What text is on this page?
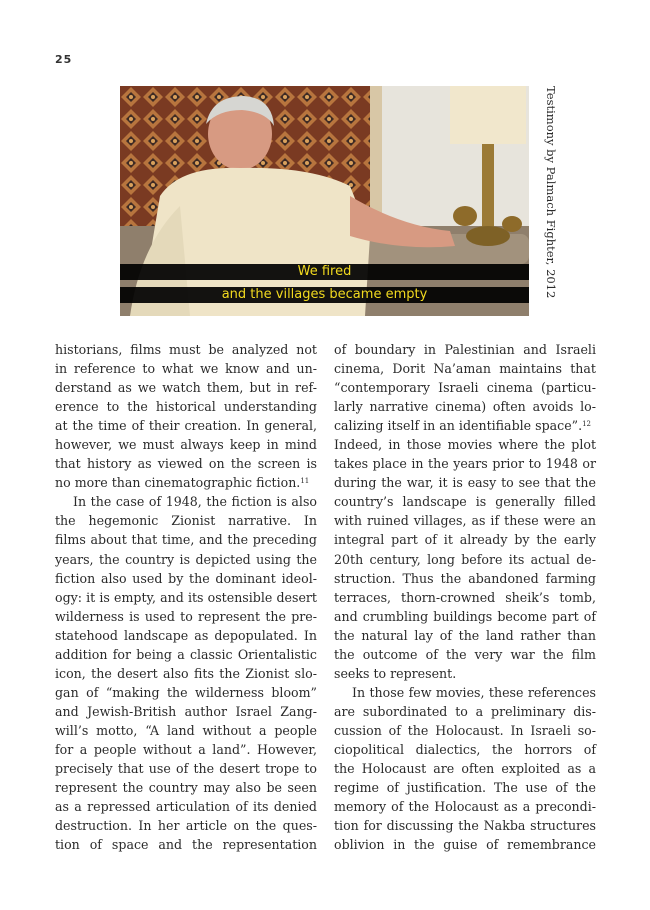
25
We fired
and the villages became empty	Testimony by Palmach Fighter, 2012
historians, films must be analyzed not
in reference to what we know and un-
derstand as we watch them, but in ref-
erence to the historical understanding
at the time of their creation. In general,
however, we must always keep in mind
that history as viewed on the screen is
no more than cinematographic fiction.$^{11}$
In the case of 1948, the fiction is also
the hegemonic Zionist narrative. In
films about that time, and the preceding
years, the country is depicted using the
fiction also used by the dominant ideol-
ogy: it is empty, and its ostensible desert
wilderness is used to represent the pre-
statehood landscape as depopulated. In
addition for being a classic Orientalistic
icon, the desert also fits the Zionist slo-
gan of “making the wilderness bloom”
and Jewish-British author Israel Zang-
will’s motto, “A land without a people
for a people without a land”. However,
precisely that use of the desert trope to
represent the country may also be seen
as a repressed articulation of its denied
destruction. In her article on the ques-
tion of space and the representation
of boundary in Palestinian and Israeli
cinema, Dorit Na’aman maintains that
“contemporary Israeli cinema (particu-
larly narrative cinema) often avoids lo-
calizing itself in an identifiable space”.$^{12}$
Indeed, in those movies where the plot
takes place in the years prior to 1948 or
during the war, it is easy to see that the
country’s landscape is generally filled
with ruined villages, as if these were an
integral part of it already by the early
20th century, long before its actual de-
struction. Thus the abandoned farming
terraces, thorn-crowned sheik’s tomb,
and crumbling buildings become part of
the natural lay of the land rather than
the outcome of the very war the film
seeks to represent.
In those few movies, these references
are subordinated to a preliminary dis-
cussion of the Holocaust. In Israeli so-
ciopolitical dialectics, the horrors of
the Holocaust are often exploited as a
regime of justification. The use of the
memory of the Holocaust as a precondi-
tion for discussing the Nakba structures
oblivion in the guise of remembrance
